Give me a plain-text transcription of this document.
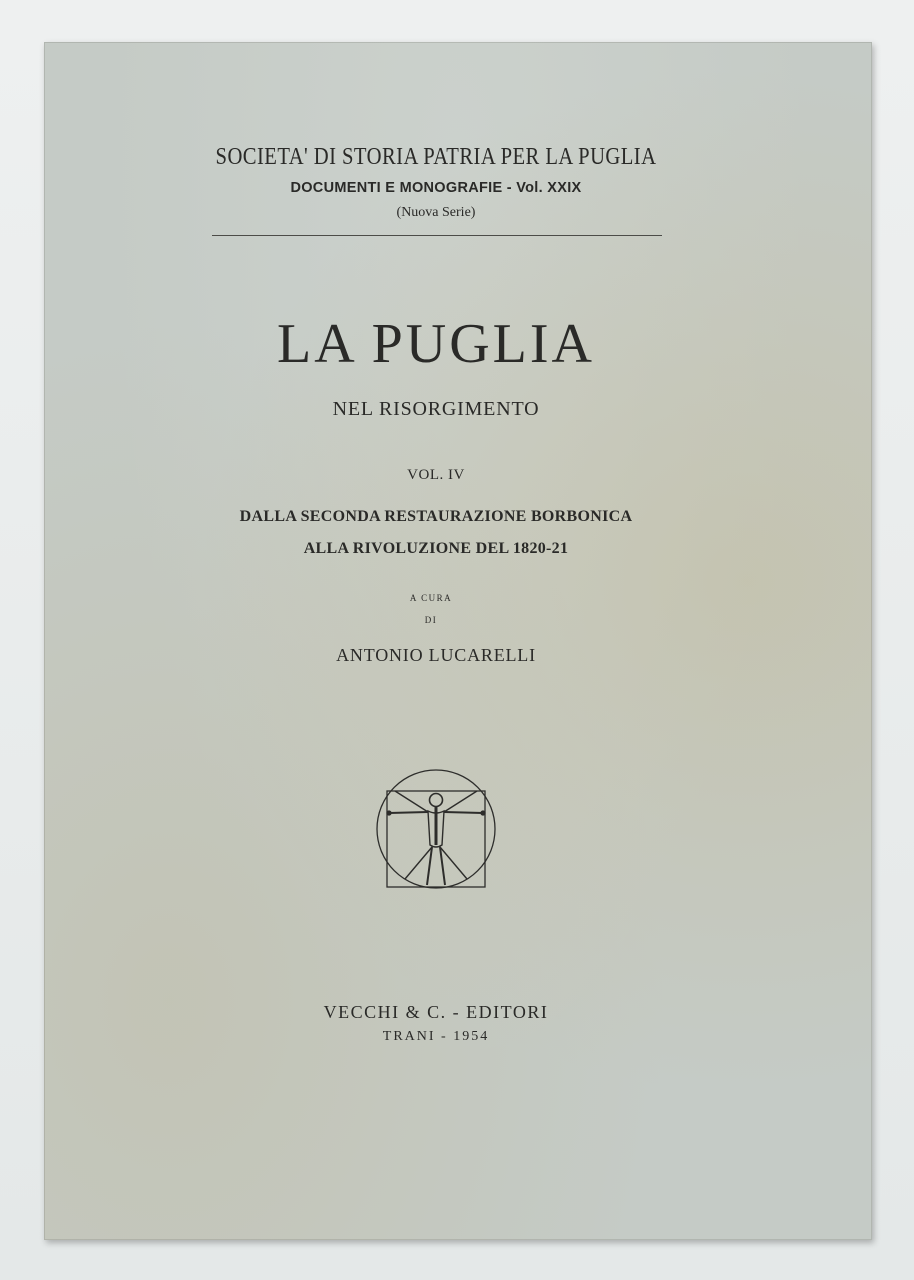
SOCIETA' DI STORIA PATRIA PER LA PUGLIA
DOCUMENTI E MONOGRAFIE - Vol. XXIX
(Nuova Serie)
LA PUGLIA
NEL RISORGIMENTO
VOL. IV
DALLA SECONDA RESTAURAZIONE BORBONICA
ALLA RIVOLUZIONE DEL 1820-21
A CURA
DI
ANTONIO LUCARELLI
VECCHI & C. - EDITORI
TRANI - 1954
